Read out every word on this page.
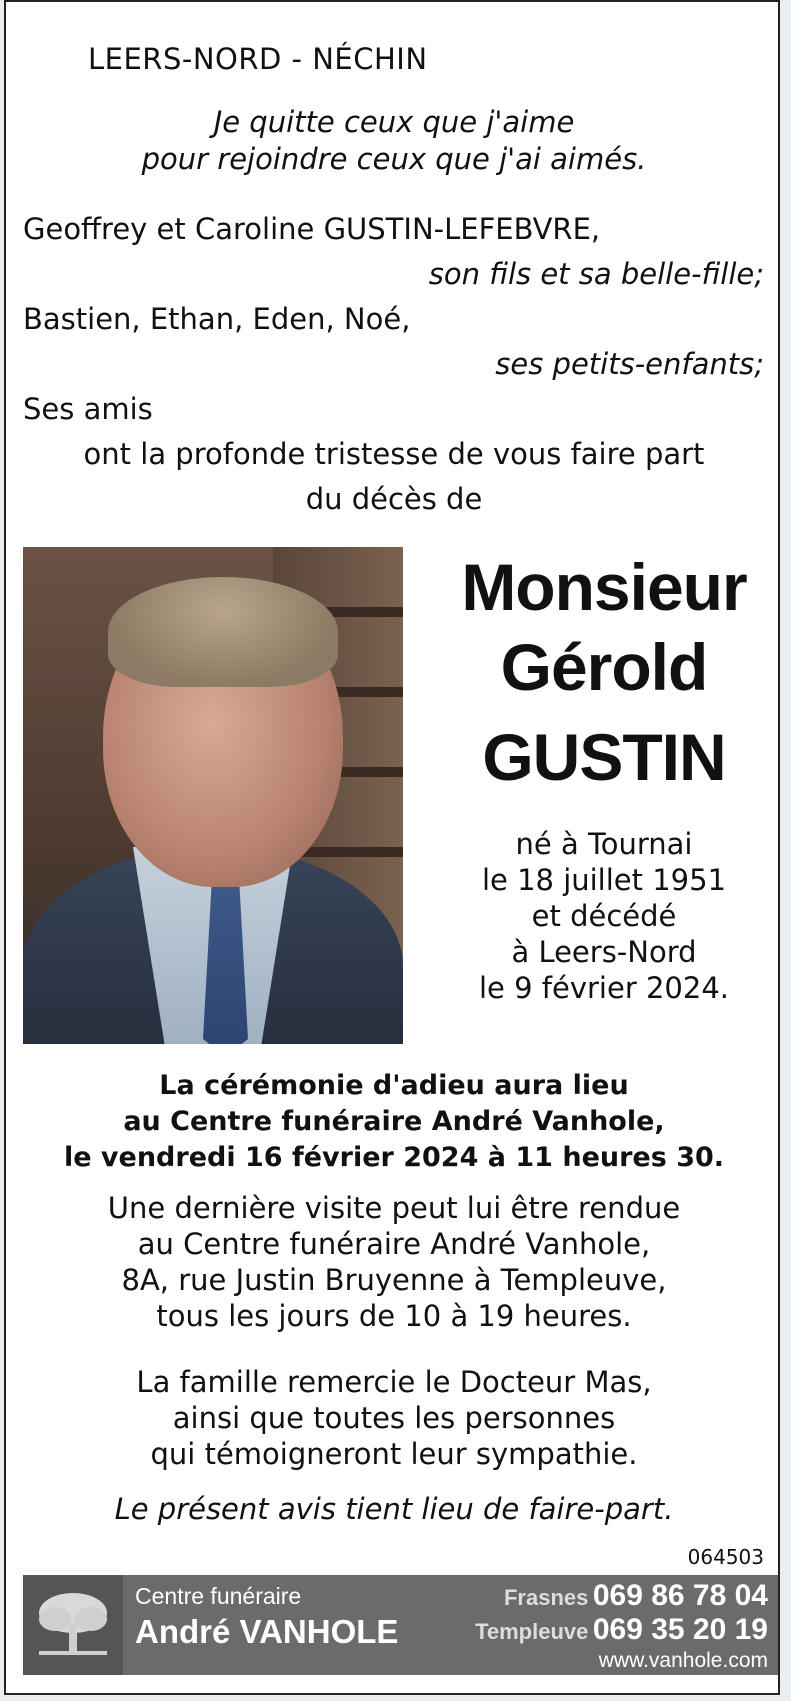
LEERS-NORD - NÉCHIN
Je quitte ceux que j'aime
pour rejoindre ceux que j'ai aimés.
Geoffrey et Caroline GUSTIN-LEFEBVRE,
son fils et sa belle-fille;
Bastien, Ethan, Eden, Noé,
ses petits-enfants;
Ses amis
ont la profonde tristesse de vous faire part
du décès de
Monsieur
Gérold
GUSTIN
né à Tournai
le 18 juillet 1951
et décédé
à Leers-Nord
le 9 février 2024.
La cérémonie d'adieu aura lieu
au Centre funéraire André Vanhole,
le vendredi 16 février 2024 à 11 heures 30.
Une dernière visite peut lui être rendue
au Centre funéraire André Vanhole,
8A, rue Justin Bruyenne à Templeuve,
tous les jours de 10 à 19 heures.
La famille remercie le Docteur Mas,
ainsi que toutes les personnes
qui témoigneront leur sympathie.
Le présent avis tient lieu de faire-part.
064503
Centre funéraire
André VANHOLE
Frasnes 069 86 78 04
Templeuve 069 35 20 19
www.vanhole.com
